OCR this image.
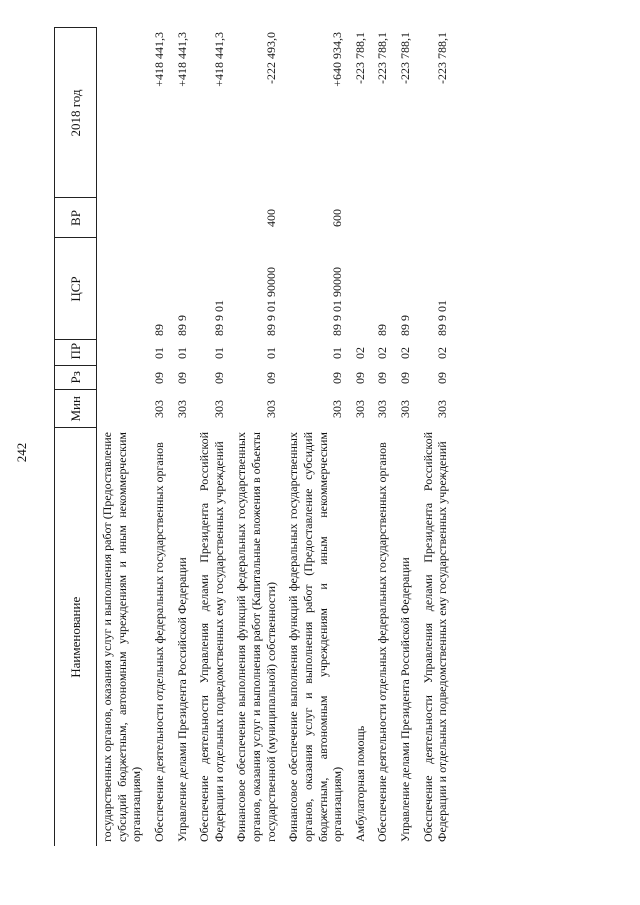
242
Наименование	Мин	Рз	ПР	ЦСР	ВР	2018 год
государственных органов, оказания услуг и выполнения работ (Предоставление субсидий бюджетным, автономным учреждениям и иным некоммерческим организациям)						
Обеспечение деятельности отдельных федеральных государственных органов	303	09	01	89		+418 441,3
Управление делами Президента Российской Федерации	303	09	01	89 9		+418 441,3
Обеспечение деятельности Управления делами Президента Российской Федерации и отдельных подведомственных ему государственных учреждений	303	09	01	89 9 01		+418 441,3
Финансовое обеспечение выполнения функций федеральных государственных органов, оказания услуг и выполнения работ (Капитальные вложения в объекты государственной (муниципальной) собственности)	303	09	01	89 9 01 90000	400	-222 493,0
Финансовое обеспечение выполнения функций федеральных государственных органов, оказания услуг и выполнения работ (Предоставление субсидий бюджетным, автономным учреждениям и иным некоммерческим организациям)	303	09	01	89 9 01 90000	600	+640 934,3
Амбулаторная помощь	303	09	02			-223 788,1
Обеспечение деятельности отдельных федеральных государственных органов	303	09	02	89		-223 788,1
Управление делами Президента Российской Федерации	303	09	02	89 9		-223 788,1
Обеспечение деятельности Управления делами Президента Российской Федерации и отдельных подведомственных ему государственных учреждений	303	09	02	89 9 01		-223 788,1
